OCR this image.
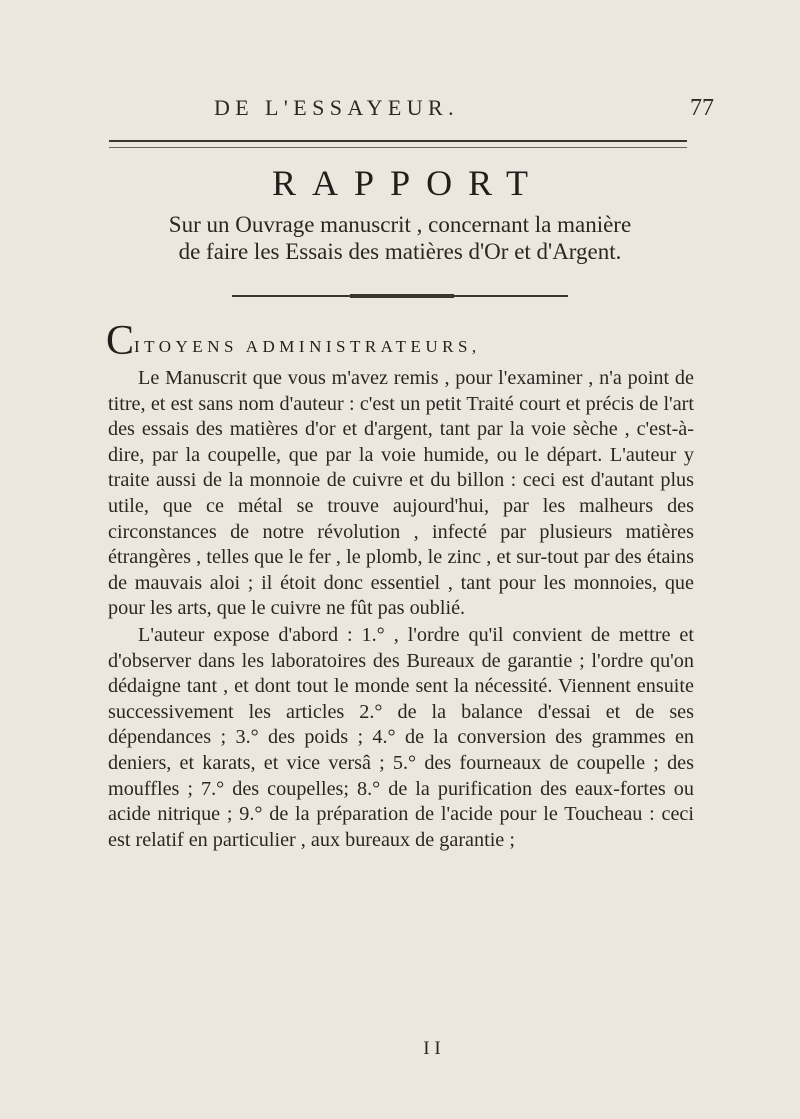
DE L'ESSAYEUR.	77
RAPPORT
Sur un Ouvrage manuscrit , concernant la manière
de faire les Essais des matières d'Or et d'Argent.
CITOYENS ADMINISTRATEURS,

Le Manuscrit que vous m'avez remis , pour l'examiner , n'a point de titre, et est sans nom d'auteur : c'est un petit Traité court et précis de l'art des essais des matières d'or et d'argent, tant par la voie sèche , c'est-à-dire, par la coupelle, que par la voie humide, ou le départ. L'auteur y traite aussi de la monnoie de cuivre et du billon : ceci est d'autant plus utile, que ce métal se trouve aujourd'hui, par les malheurs des circonstances de notre révolution , infecté par plusieurs matières étrangères , telles que le fer , le plomb, le zinc , et sur-tout par des étains de mauvais aloi ; il étoit donc essentiel , tant pour les monnoies, que pour les arts, que le cuivre ne fût pas oublié.

L'auteur expose d'abord : 1.° , l'ordre qu'il convient de mettre et d'observer dans les laboratoires des Bureaux de garantie ; l'ordre qu'on dédaigne tant , et dont tout le monde sent la nécessité. Viennent ensuite successivement les articles 2.° de la balance d'essai et de ses dépendances ; 3.° des poids ; 4.° de la conversion des grammes en deniers, et karats, et vice versâ ; 5.° des fourneaux de coupelle ; des mouffles ; 7.° des coupelles; 8.° de la purification des eaux-fortes ou acide nitrique ; 9.° de la préparation de l'acide pour le Toucheau : ceci est relatif en particulier , aux bureaux de garantie ;

I I
